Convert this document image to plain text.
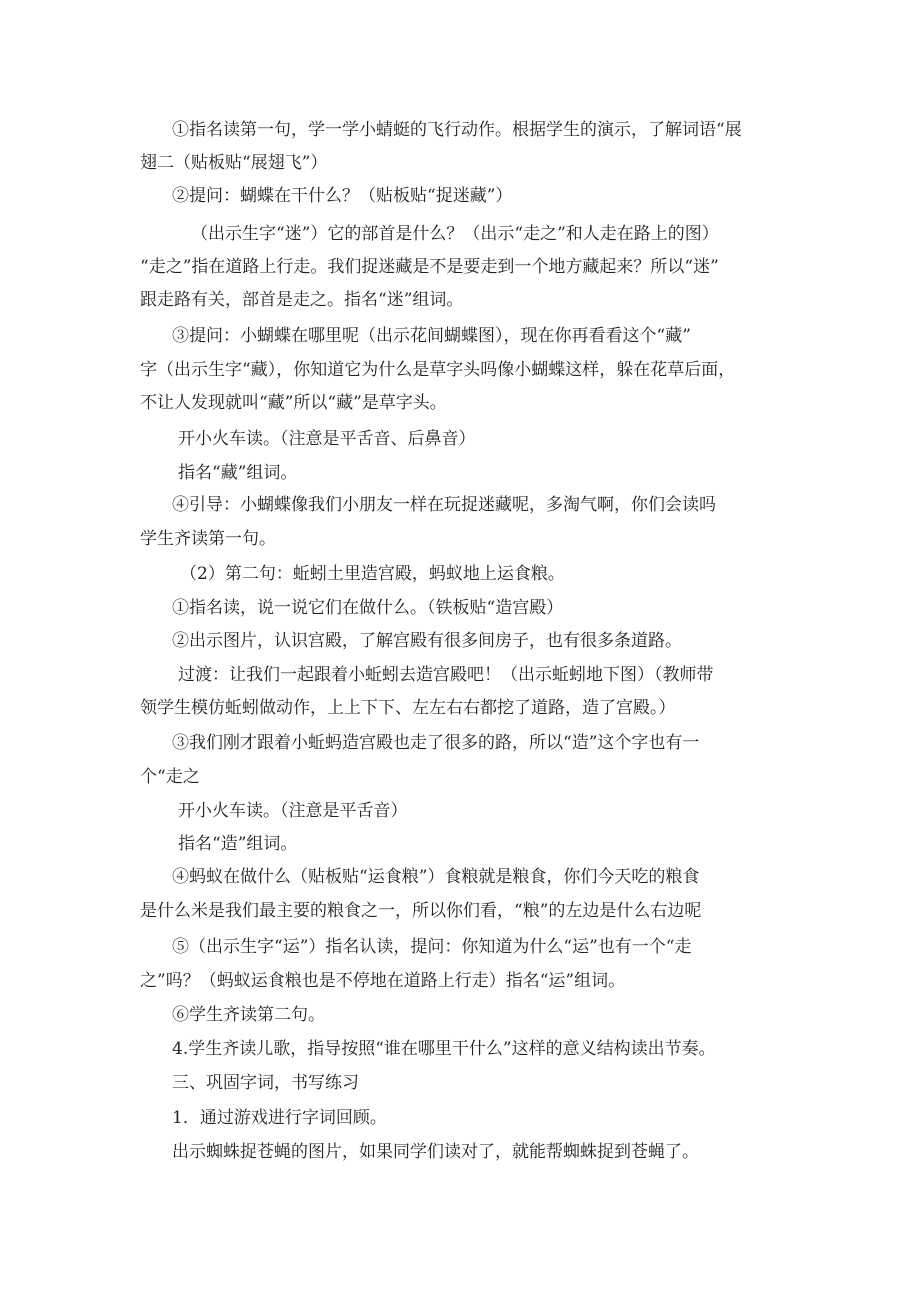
①指名读第一句，学一学小蜻蜓的飞行动作。根据学生的演示，了解词语“展
翅二（贴板贴“展翅飞”）
②提问：蝴蝶在干什么？（贴板贴“捉迷藏”）
（出示生字“迷”）它的部首是什么？（出示“走之”和人走在路上的图）
“走之”指在道路上行走。我们捉迷藏是不是要走到一个地方藏起来？所以“迷”
跟走路有关，部首是走之。指名“迷”组词。
③提问：小蝴蝶在哪里呢（出示花间蝴蝶图），现在你再看看这个“藏”
字（出示生字“藏），你知道它为什么是草字头吗像小蝴蝶这样，躲在花草后面，
不让人发现就叫“藏”所以“藏”是草字头。
开小火车读。（注意是平舌音、后鼻音）
指名“藏”组词。
④引导：小蝴蝶像我们小朋友一样在玩捉迷藏呢，多淘气啊，你们会读吗
学生齐读第一句。
（2）第二句：蚯蚓土里造宫殿，蚂蚁地上运食粮。
①指名读，说一说它们在做什么。（铁板贴“造宫殿）
②出示图片，认识宫殿，了解宫殿有很多间房子，也有很多条道路。
过渡：让我们一起跟着小蚯蚓去造宫殿吧！（出示蚯蚓地下图）（教师带
领学生模仿蚯蚓做动作，上上下下、左左右右都挖了道路，造了宫殿。）
③我们刚才跟着小蚯蚂造宫殿也走了很多的路，所以“造”这个字也有一
个“走之
开小火车读。（注意是平舌音）
指名“造”组词。
④蚂蚁在做什么（贴板贴“运食粮”）食粮就是粮食，你们今天吃的粮食
是什么米是我们最主要的粮食之一，所以你们看，“粮”的左边是什么右边呢
⑤（出示生字“运”）指名认读，提问：你知道为什么“运”也有一个“走
之”吗？（蚂蚁运食粮也是不停地在道路上行走）指名“运”组词。
⑥学生齐读第二句。
4.学生齐读儿歌，指导按照“谁在哪里干什么”这样的意义结构读出节奏。
三、巩固字词，书写练习
1．通过游戏进行字词回顾。
出示蜘蛛捉苍蝇的图片，如果同学们读对了，就能帮蜘蛛捉到苍蝇了。
